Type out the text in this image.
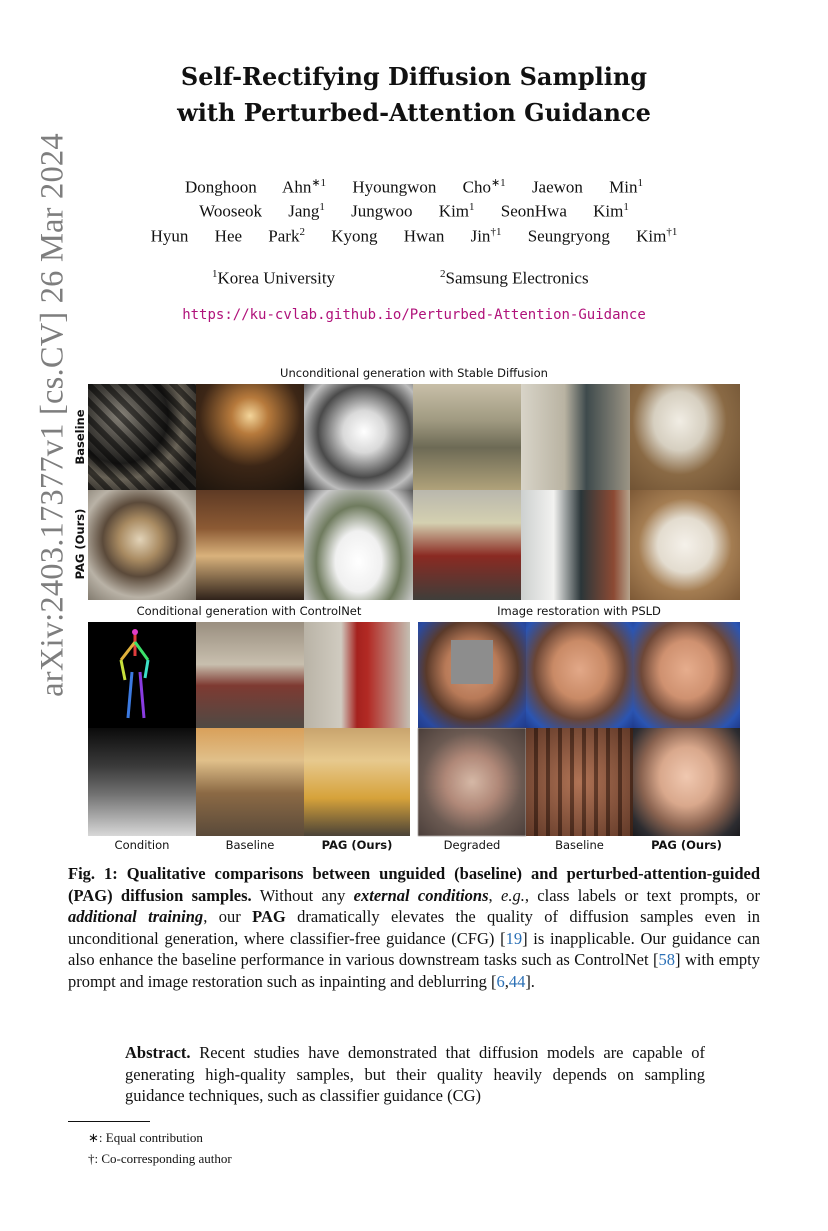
arXiv:2403.17377v1 [cs.CV] 26 Mar 2024
Self-Rectifying Diffusion Sampling
with Perturbed-Attention Guidance
Donghoon Ahn$^{∗1}$ Hyoungwon Cho$^{∗1}$ Jaewon Min$^1$
Wooseok Jang$^1$ Jungwoo Kim$^1$ SeonHwa Kim$^1$
Hyun Hee Park$^2$ Kyong Hwan Jin$^{\dagger 1}$ Seungryong Kim$^{\dagger 1}$
$^1$Korea University	$^2$Samsung Electronics
https://ku-cvlab.github.io/Perturbed-Attention-Guidance
Unconditional generation with Stable Diffusion
Baseline
PAG (Ours)
Conditional generation with ControlNet	Image restoration with PSLD
Condition	Baseline	PAG (Ours)	Degraded	Baseline	PAG (Ours)
Fig. 1: Qualitative comparisons between unguided (baseline) and perturbed-attention-guided (PAG) diffusion samples. Without any external conditions, e.g., class labels or text prompts, or additional training, our PAG dramatically elevates the quality of diffusion samples even in unconditional generation, where classifier-free guidance (CFG) [19] is inapplicable. Our guidance can also enhance the baseline performance in various downstream tasks such as ControlNet [58] with empty prompt and image restoration such as inpainting and deblurring [6,44].
Abstract. Recent studies have demonstrated that diffusion models are capable of generating high-quality samples, but their quality heavily depends on sampling guidance techniques, such as classifier guidance (CG)
∗: Equal contribution
†: Co-corresponding author
